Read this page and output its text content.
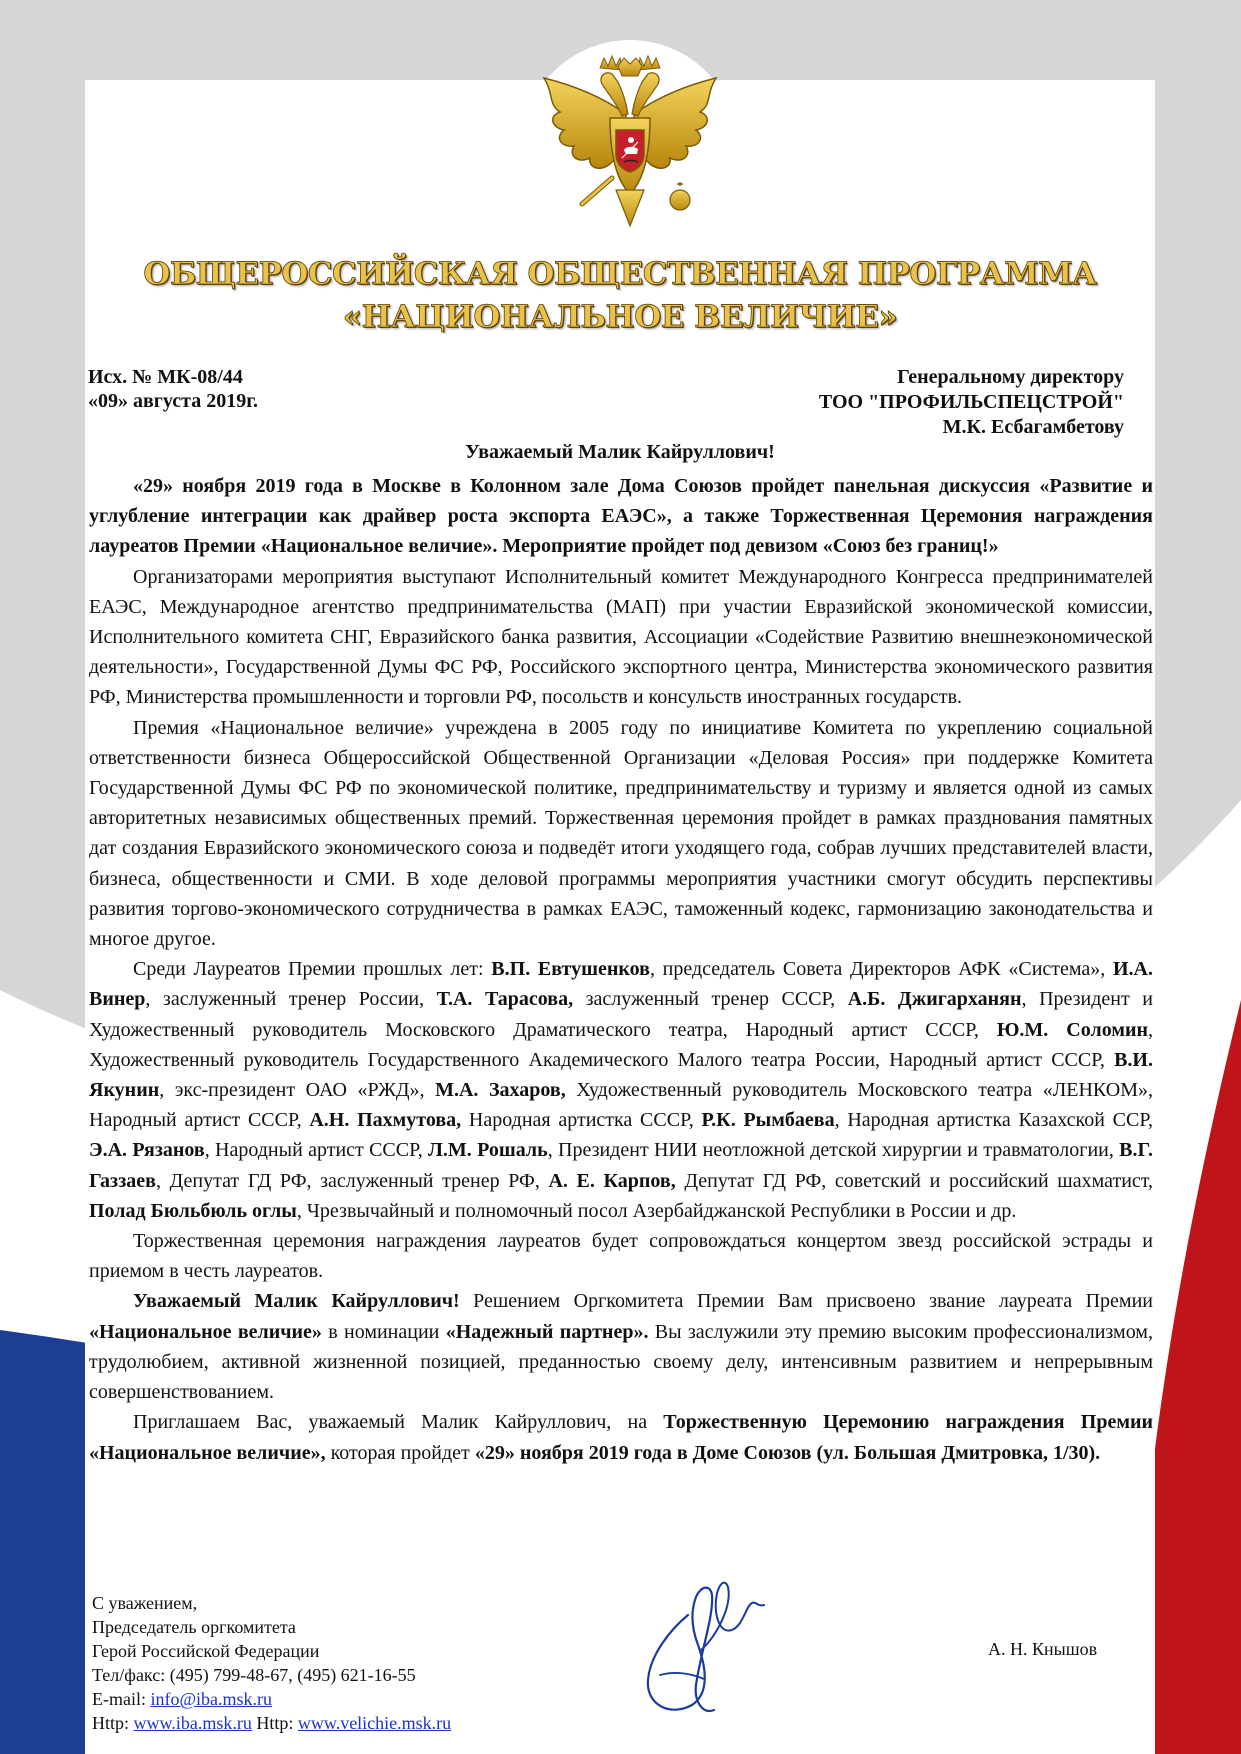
ОБЩЕРОССИЙСКАЯ ОБЩЕСТВЕННАЯ ПРОГРАММА
«НАЦИОНАЛЬНОЕ ВЕЛИЧИЕ»
Исх. № МК-08/44
«09» августа 2019г.
Генеральному директору
ТОО "ПРОФИЛЬСПЕЦСТРОЙ"
М.К. Есбагамбетову
Уважаемый Малик Кайруллович!

«29» ноября 2019 года в Москве в Колонном зале Дома Союзов пройдет панельная дискуссия «Развитие и углубление интеграции как драйвер роста экспорта ЕАЭС», а также Торжественная Церемония награждения лауреатов Премии «Национальное величие». Мероприятие пройдет под девизом «Союз без границ!»

Организаторами мероприятия выступают Исполнительный комитет Международного Конгресса предпринимателей ЕАЭС, Международное агентство предпринимательства (МАП) при участии Евразийской экономической комиссии, Исполнительного комитета СНГ, Евразийского банка развития, Ассоциации «Содействие Развитию внешнеэкономической деятельности», Государственной Думы ФС РФ, Российского экспортного центра, Министерства экономического развития РФ, Министерства промышленности и торговли РФ, посольств и консульств иностранных государств.

Премия «Национальное величие» учреждена в 2005 году по инициативе Комитета по укреплению социальной ответственности бизнеса Общероссийской Общественной Организации «Деловая Россия» при поддержке Комитета Государственной Думы ФС РФ по экономической политике, предпринимательству и туризму и является одной из самых авторитетных независимых общественных премий. Торжественная церемония пройдет в рамках празднования памятных дат создания Евразийского экономического союза и подведёт итоги уходящего года, собрав лучших представителей власти, бизнеса, общественности и СМИ. В ходе деловой программы мероприятия участники смогут обсудить перспективы развития торгово-экономического сотрудничества в рамках ЕАЭС, таможенный кодекс, гармонизацию законодательства и многое другое.

Среди Лауреатов Премии прошлых лет: В.П. Евтушенков, председатель Совета Директоров АФК «Система», И.А. Винер, заслуженный тренер России, Т.А. Тарасова, заслуженный тренер СССР, А.Б. Джигарханян, Президент и Художественный руководитель Московского Драматического театра, Народный артист СССР, Ю.М. Соломин, Художественный руководитель Государственного Академического Малого театра России, Народный артист СССР, В.И. Якунин, экс-президент ОАО «РЖД», М.А. Захаров, Художественный руководитель Московского театра «ЛЕНКОМ», Народный артист СССР, А.Н. Пахмутова, Народная артистка СССР, Р.К. Рымбаева, Народная артистка Казахской ССР, Э.А. Рязанов, Народный артист СССР, Л.М. Рошаль, Президент НИИ неотложной детской хирургии и травматологии, В.Г. Газзаев, Депутат ГД РФ, заслуженный тренер РФ, А. Е. Карпов, Депутат ГД РФ, советский и российский шахматист, Полад Бюльбюль оглы, Чрезвычайный и полномочный посол Азербайджанской Республики в России и др.

Торжественная церемония награждения лауреатов будет сопровождаться концертом звезд российской эстрады и приемом в честь лауреатов.

Уважаемый Малик Кайруллович! Решением Оргкомитета Премии Вам присвоено звание лауреата Премии «Национальное величие» в номинации «Надежный партнер». Вы заслужили эту премию высоким профессионализмом, трудолюбием, активной жизненной позицией, преданностью своему делу, интенсивным развитием и непрерывным совершенствованием.

Приглашаем Вас, уважаемый Малик Кайруллович, на Торжественную Церемонию награждения Премии «Национальное величие», которая пройдет «29» ноября 2019 года в Доме Союзов (ул. Большая Дмитровка, 1/30).

С уважением,
Председатель оргкомитета
Герой Российской Федерации
Тел/факс: (495) 799-48-67, (495) 621-16-55
E-mail: info@iba.msk.ru
Http: www.iba.msk.ru Http: www.velichie.msk.ru
А. Н. Кнышов
